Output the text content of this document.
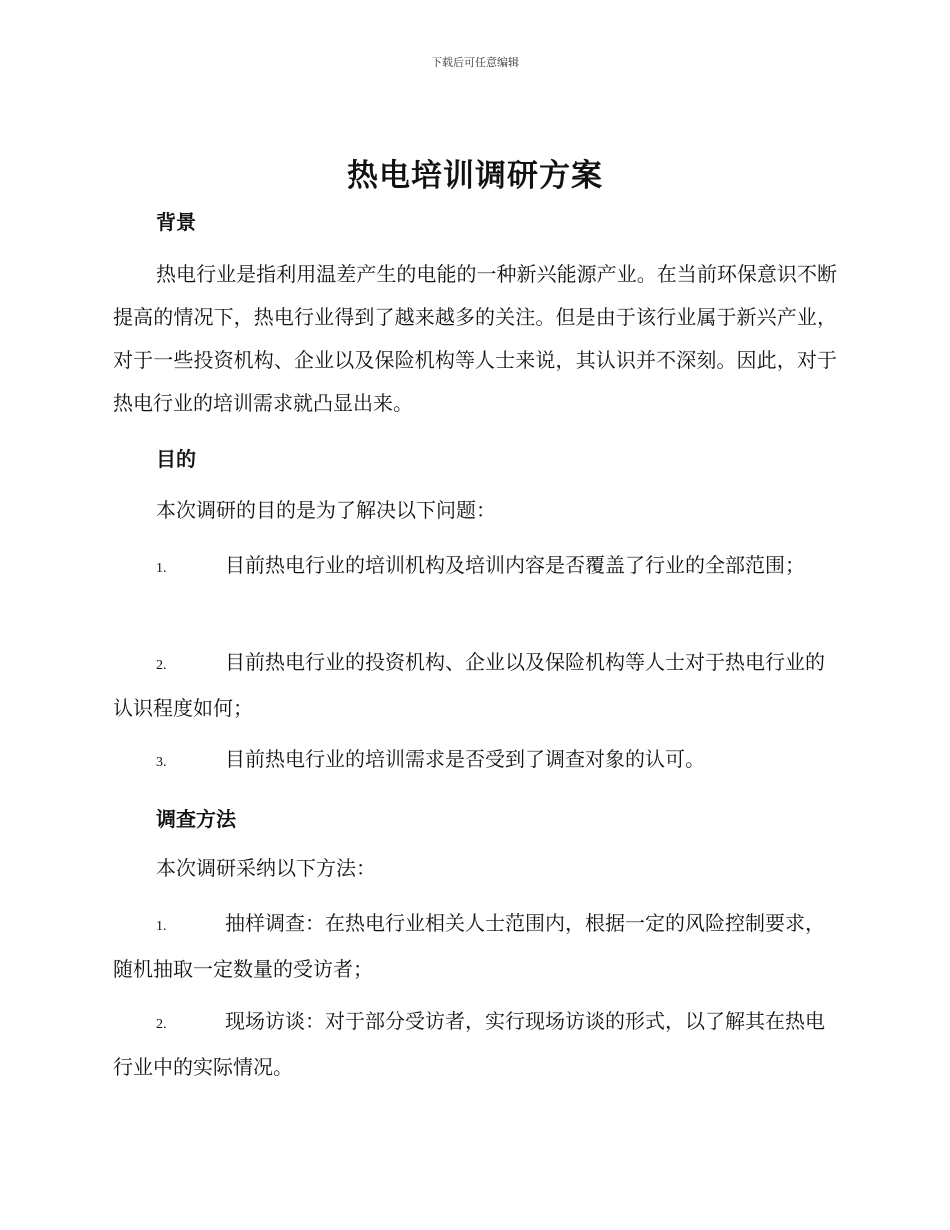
下载后可任意编辑
热电培训调研方案
背景
热电行业是指利用温差产生的电能的一种新兴能源产业。在当前环保意识不断提高的情况下，热电行业得到了越来越多的关注。但是由于该行业属于新兴产业，对于一些投资机构、企业以及保险机构等人士来说，其认识并不深刻。因此，对于热电行业的培训需求就凸显出来。
目的
本次调研的目的是为了解决以下问题：
1.	目前热电行业的培训机构及培训内容是否覆盖了行业的全部范围；
2.	目前热电行业的投资机构、企业以及保险机构等人士对于热电行业的认识程度如何；
3.	目前热电行业的培训需求是否受到了调查对象的认可。
调查方法
本次调研采纳以下方法：
1.	抽样调查：在热电行业相关人士范围内，根据一定的风险控制要求，随机抽取一定数量的受访者；
2.	现场访谈：对于部分受访者，实行现场访谈的形式，以了解其在热电行业中的实际情况。
